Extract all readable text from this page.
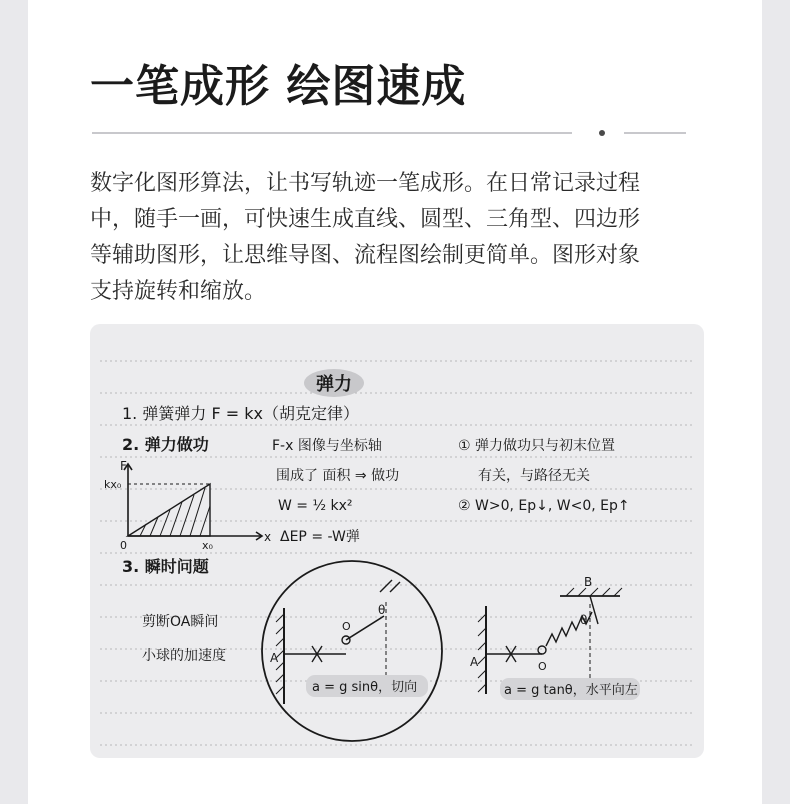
一笔成形 绘图速成
数字化图形算法，让书写轨迹一笔成形。在日常记录过程
中，随手一画，可快速生成直线、圆型、三角型、四边形
等辅助图形，让思维导图、流程图绘制更简单。图形对象
支持旋转和缩放。
弹力
1. 弹簧弹力 F = kx（胡克定律）
2. 弹力做功	F-x 图像与坐标轴	① 弹力做功只与初末位置
围成了 面积 ⇒ 做功	有关，与路径无关
W = ½ kx²	② W>0, Ep↓, W<0, Ep↑
ΔEP = -W弹
3. 瞬时问题
F
kx₀
0	x₀
x
A
O
θ
剪断OA瞬间
小球的加速度
a = g sinθ，切向
A
B
O
θ
a = g tanθ，水平向左
